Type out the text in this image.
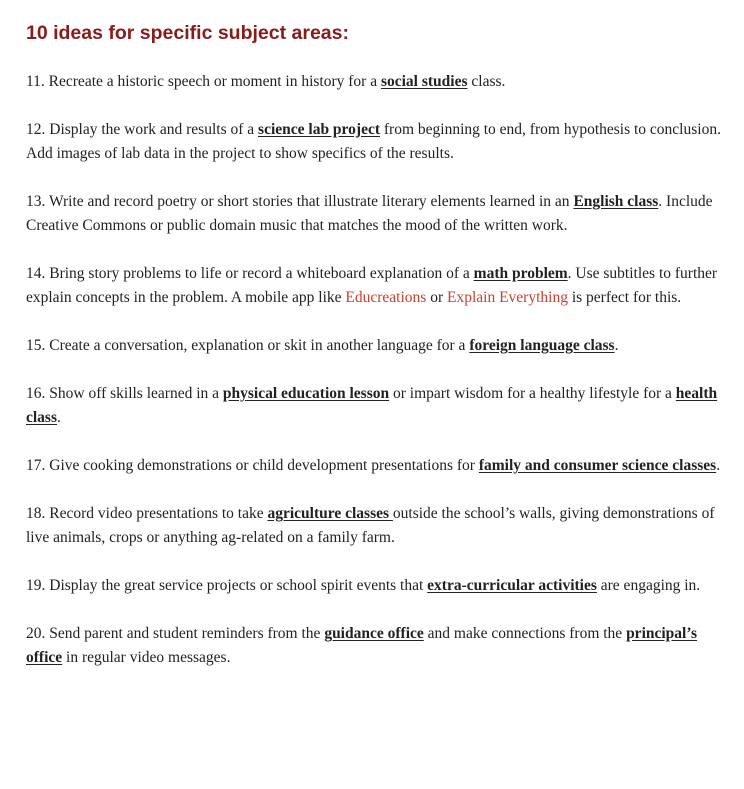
10 ideas for specific subject areas:

11. Recreate a historic speech or moment in history for a social studies class.

12. Display the work and results of a science lab project from beginning to end, from hypothesis to conclusion. Add images of lab data in the project to show specifics of the results.

13. Write and record poetry or short stories that illustrate literary elements learned in an English class. Include Creative Commons or public domain music that matches the mood of the written work.

14. Bring story problems to life or record a whiteboard explanation of a math problem. Use subtitles to further explain concepts in the problem. A mobile app like Educreations or Explain Everything is perfect for this.

15. Create a conversation, explanation or skit in another language for a foreign language class.

16. Show off skills learned in a physical education lesson or impart wisdom for a healthy lifestyle for a health class.

17. Give cooking demonstrations or child development presentations for family and consumer science classes.

18. Record video presentations to take agriculture classes outside the school’s walls, giving demonstrations of live animals, crops or anything ag-related on a family farm.

19. Display the great service projects or school spirit events that extra-curricular activities are engaging in.

20. Send parent and student reminders from the guidance office and make connections from the principal’s office in regular video messages.
